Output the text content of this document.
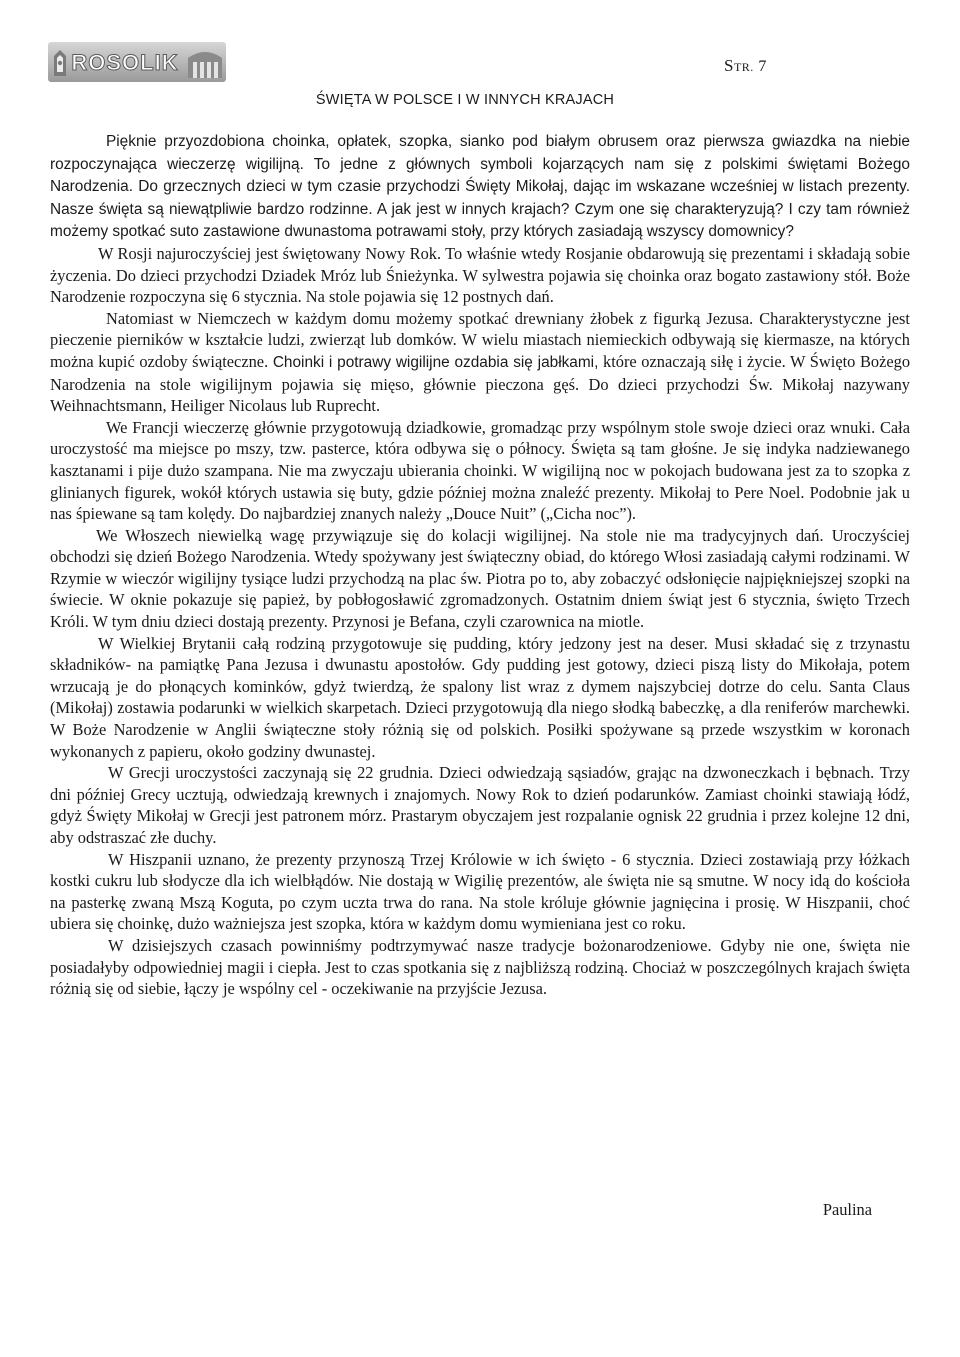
ROSOLIK	STR. 7
ŚWIĘTA W POLSCE I W INNYCH KRAJACH

Pięknie przyozdobiona choinka, opłatek, szopka, sianko pod białym obrusem oraz pierwsza gwiazdka na niebie rozpoczynająca wieczerzę wigilijną. To jedne z głównych symboli kojarzących nam się z polskimi świętami Bożego Narodzenia. Do grzecznych dzieci w tym czasie przychodzi Święty Mikołaj, dając im wskazane wcześniej w listach prezenty. Nasze święta są niewątpliwie bardzo rodzinne. A jak jest w innych krajach? Czym one się charakteryzują? I czy tam również możemy spotkać suto zastawione dwunastoma potrawami stoły, przy których zasiadają wszyscy domownicy?

W Rosji najuroczyściej jest świętowany Nowy Rok. To właśnie wtedy Rosjanie obdarowują się prezentami i składają sobie życzenia. Do dzieci przychodzi Dziadek Mróz lub Śnieżynka. W sylwestra pojawia się choinka oraz bogato zastawiony stół. Boże Narodzenie rozpoczyna się 6 stycznia. Na stole pojawia się 12 postnych dań.

Natomiast w Niemczech w każdym domu możemy spotkać drewniany żłobek z figurką Jezusa. Charakterystyczne jest pieczenie pierników w kształcie ludzi, zwierząt lub domków. W wielu miastach niemieckich odbywają się kiermasze, na których można kupić ozdoby świąteczne. Choinki i potrawy wigilijne ozdabia się jabłkami, które oznaczają siłę i życie. W Święto Bożego Narodzenia na stole wigilijnym pojawia się mięso, głównie pieczona gęś. Do dzieci przychodzi Św. Mikołaj nazywany Weihnachtsmann, Heiliger Nicolaus lub Ruprecht.

We Francji wieczerzę głównie przygotowują dziadkowie, gromadząc przy wspólnym stole swoje dzieci oraz wnuki. Cała uroczystość ma miejsce po mszy, tzw. pasterce, która odbywa się o północy. Święta są tam głośne. Je się indyka nadziewanego kasztanami i pije dużo szampana. Nie ma zwyczaju ubierania choinki. W wigilijną noc w pokojach budowana jest za to szopka z glinianych figurek, wokół których ustawia się buty, gdzie później można znaleźć prezenty. Mikołaj to Pere Noel. Podobnie jak u nas śpiewane są tam kolędy. Do najbardziej znanych należy „Douce Nuit” („Cicha noc”).

We Włoszech niewielką wagę przywiązuje się do kolacji wigilijnej. Na stole nie ma tradycyjnych dań. Uroczyściej obchodzi się dzień Bożego Narodzenia. Wtedy spożywany jest świąteczny obiad, do którego Włosi zasiadają całymi rodzinami. W Rzymie w wieczór wigilijny tysiące ludzi przychodzą na plac św. Piotra po to, aby zobaczyć odsłonięcie najpiękniejszej szopki na świecie. W oknie pokazuje się papież, by pobłogosławić zgromadzonych. Ostatnim dniem świąt jest 6 stycznia, święto Trzech Króli. W tym dniu dzieci dostają prezenty. Przynosi je Befana, czyli czarownica na miotle.

W Wielkiej Brytanii całą rodziną przygotowuje się pudding, który jedzony jest na deser. Musi składać się z trzynastu składników- na pamiątkę Pana Jezusa i dwunastu apostołów. Gdy pudding jest gotowy, dzieci piszą listy do Mikołaja, potem wrzucają je do płonących kominków, gdyż twierdzą, że spalony list wraz z dymem najszybciej dotrze do celu. Santa Claus (Mikołaj) zostawia podarunki w wielkich skarpetach. Dzieci przygotowują dla niego słodką babeczkę, a dla reniferów marchewki. W Boże Narodzenie w Anglii świąteczne stoły różnią się od polskich. Posiłki spożywane są przede wszystkim w koronach wykonanych z papieru, około godziny dwunastej.

W Grecji uroczystości zaczynają się 22 grudnia. Dzieci odwiedzają sąsiadów, grając na dzwoneczkach i bębnach. Trzy dni później Grecy ucztują, odwiedzają krewnych i znajomych. Nowy Rok to dzień podarunków. Zamiast choinki stawiają łódź, gdyż Święty Mikołaj w Grecji jest patronem mórz. Prastarym obyczajem jest rozpalanie ognisk 22 grudnia i przez kolejne 12 dni, aby odstraszać złe duchy.

W Hiszpanii uznano, że prezenty przynoszą Trzej Królowie w ich święto - 6 stycznia. Dzieci zostawiają przy łóżkach kostki cukru lub słodycze dla ich wielbłądów. Nie dostają w Wigilię prezentów, ale święta nie są smutne. W nocy idą do kościoła na pasterkę zwaną Mszą Koguta, po czym uczta trwa do rana. Na stole króluje głównie jagnięcina i prosię. W Hiszpanii, choć ubiera się choinkę, dużo ważniejsza jest szopka, która w każdym domu wymieniana jest co roku.

W dzisiejszych czasach powinniśmy podtrzymywać nasze tradycje bożonarodzeniowe. Gdyby nie one, święta nie posiadałyby odpowiedniej magii i ciepła. Jest to czas spotkania się z najbliższą rodziną. Chociaż w poszczególnych krajach święta różnią się od siebie, łączy je wspólny cel - oczekiwanie na przyjście Jezusa.

Paulina
